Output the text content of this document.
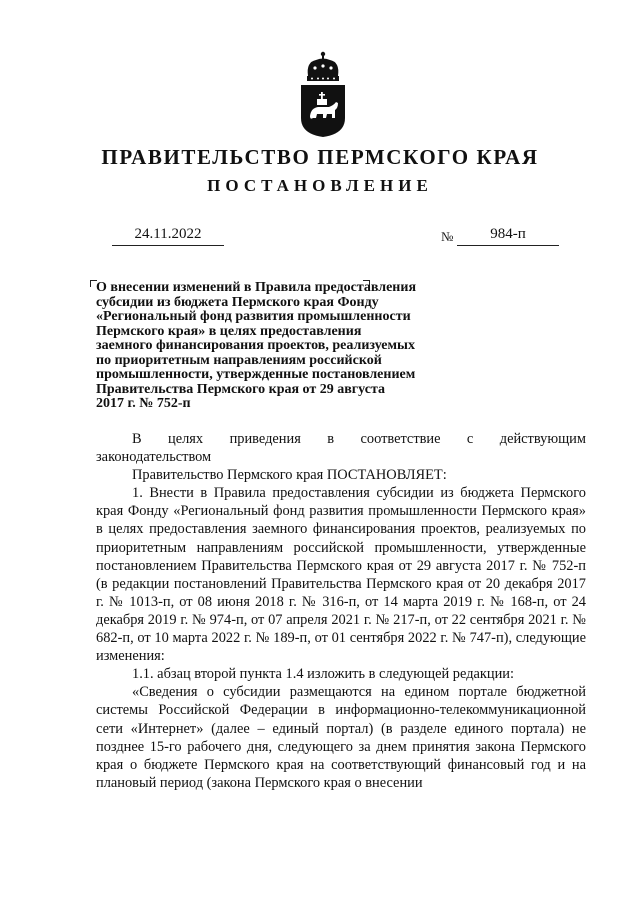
ПРАВИТЕЛЬСТВО ПЕРМСКОГО КРАЯ
ПОСТАНОВЛЕНИЕ
24.11.2022	№	984-п
О внесении изменений в Правила предоставления
субсидии из бюджета Пермского края Фонду
«Региональный фонд развития промышленности
Пермского края» в целях предоставления
заемного финансирования проектов, реализуемых
по приоритетным направлениям российской
промышленности, утвержденные постановлением
Правительства Пермского края от 29 августа
2017 г. № 752-п

В целях приведения в соответствие с действующим

законодательством

Правительство Пермского края ПОСТАНОВЛЯЕТ:

1. Внести в Правила предоставления субсидии из бюджета Пермского края Фонду «Региональный фонд развития промышленности Пермского края» в целях предоставления заемного финансирования проектов, реализуемых по приоритетным направлениям российской промышленности, утвержденные постановлением Правительства Пермского края от 29 августа 2017 г. № 752-п (в редакции постановлений Правительства Пермского края от 20 декабря 2017 г. № 1013-п, от 08 июня 2018 г. № 316-п, от 14 марта 2019 г. № 168-п, от 24 декабря 2019 г. № 974-п, от 07 апреля 2021 г. № 217-п, от 22 сентября 2021 г. № 682-п, от 10 марта 2022 г. № 189-п, от 01 сентября 2022 г. № 747-п), следующие изменения:

1.1. абзац второй пункта 1.4 изложить в следующей редакции:

«Сведения о субсидии размещаются на едином портале бюджетной системы Российской Федерации в информационно-телекоммуникационной сети «Интернет» (далее – единый портал) (в разделе единого портала) не позднее 15-го рабочего дня, следующего за днем принятия закона Пермского края о бюджете Пермского края на соответствующий финансовый год и на плановый период (закона Пермского края о внесении
